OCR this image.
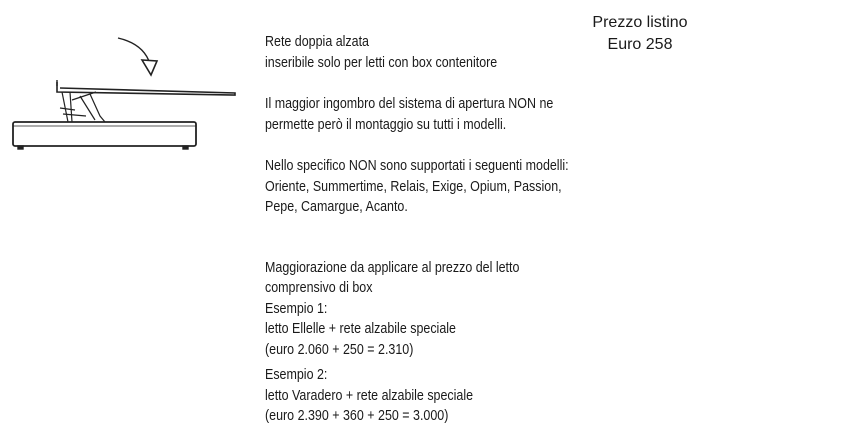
Prezzo listino
Euro 258
Rete doppia alzata
inseribile solo per letti con box contenitore
Il maggior ingombro del sistema di apertura NON ne
permette però il montaggio su tutti i modelli.
Nello specifico NON sono supportati i seguenti modelli:
Oriente, Summertime, Relais, Exige, Opium, Passion,
Pepe, Camargue, Acanto.
Maggiorazione da applicare al prezzo del letto
comprensivo di box
Esempio 1:
letto Ellelle + rete alzabile speciale
(euro 2.060 + 250 = 2.310)
Esempio 2:
letto Varadero + rete alzabile speciale
(euro 2.390 + 360 + 250 = 3.000)
